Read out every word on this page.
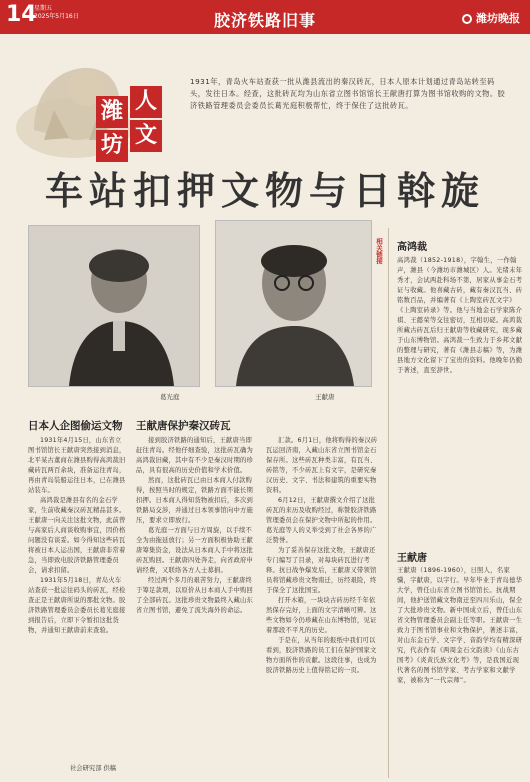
14
星期五
2025年5月16日	胶济铁路旧事	潍坊晚报
潍 人
坊 文
1931年，青岛火车站查获一批从潍县流出的秦汉砖瓦，日本人原本计划通过青岛站转至码头，发往日本。经查，这批砖瓦均为山东省立图书馆馆长王献唐打算为图书馆收购的文物。胶济铁路管理委员会委员长葛光庭积极帮忙，终于保住了这批砖瓦。
车站扣押文物与日斡旋
葛光庭	王献唐
相关链接 高鸿裁
高鸿裁（1852-1918），字翰生，一作翰声，潍县（今潍坊市潍城区）人。光绪末年秀才，会试两赴科场不第，居家从事金石考证与收藏。他喜藏古砖，藏有秦汉瓦当、砖铭数百品，并编著有《上陶室砖瓦文字》《上陶室砖录》等。他与当地金石学家陈介祺、王懿荣等交往密切，互相切磋。高鸿裁所藏古砖瓦后归王献唐等收藏研究，现多藏于山东博物馆。高鸿裁一生致力于乡邦文献的整理与研究，著有《潍县志稿》等，为潍县地方文化留下了宝贵的资料。他晚年仍勤于著述，直至辞世。
王献唐
王献唐（1896-1960），日照人，名家骥，字献唐，以字行。早年毕业于青岛德华大学，曾任山东省立图书馆馆长。抗战期间，他护送馆藏文物南迁至四川乐山，保全了大批珍贵文物。新中国成立后，曾任山东省文物管理委员会副主任等职。王献唐一生致力于图书馆事业和文物保护，著述丰富，对山东金石学、文字学、音韵学均有精深研究，代表作有《两周金石文韵读》《山东古国考》《炎黄氏族文化考》等，是我国近现代著名的图书馆学家、考古学家和文献学家，被称为“一代宗师”。
日本人企图偷运文物
1931年4月15日，山东省立图书馆馆长王献唐突然接到消息，北平某古董商在潍县购得高鸿裁旧藏砖瓦两百余块，准备运往青岛，再由青岛装船运往日本，已在潍县站装车。
高鸿裁是潍县有名的金石学家，生前收藏秦汉砖瓦精品甚多。王献唐一向关注这批文物，此前曾与高家后人商谈收购事宜，因价格问题没有谈妥。如今得知这些砖瓦将被日本人运出国，王献唐非常着急，当即致电胶济铁路管理委员会，请求扣留。
1931年5月18日，青岛火车站查获一批运往码头的砖瓦，经检查正是王献唐所说的那批文物。胶济铁路管理委员会委员长葛光庭接到报告后，立即下令暂扣这批货物，并通知王献唐前来查验。
社会研究部 供稿
王献唐保护秦汉砖瓦
接到胶济铁路的通知后，王献唐当即赶往青岛。经他仔细查验，这批砖瓦确为高鸿裁旧藏，其中有不少是秦汉时期的珍品，具有很高的历史价值和学术价值。
然而，这批砖瓦已由日本商人付款购得，按照当时的规定，铁路方面不能长期扣押。日本商人得知货物被扣后，多次到铁路局交涉，并通过日本领事馆向中方施压，要求立即放行。
葛光庭一方面与日方周旋，以手续不全为由拖延放行；另一方面积极协助王献唐筹集资金，设法从日本商人手中将这批砖瓦购回。王献唐四处奔走，向省政府申请经费，又联络各方人士募捐。
经过两个多月的艰苦努力，王献唐终于筹足款项，以原价从日本商人手中购回了全部砖瓦。这批珍贵文物最终入藏山东省立图书馆，避免了流失海外的命运。
汇款。6月1日，他将购得的秦汉砖瓦运回济南，入藏山东省立图书馆金石保存所。这些砖瓦种类丰富，有瓦当、砖铭等，不少砖瓦上有文字，是研究秦汉历史、文字、书法和建筑的重要实物资料。
6月12日，王献唐撰文介绍了这批砖瓦的来历及收购经过，称赞胶济铁路管理委员会在保护文物中所起的作用。葛光庭等人的义举受到了社会各界的广泛赞誉。
为了妥善保存这批文物，王献唐还专门编写了目录，对每块砖瓦进行考释。抗日战争爆发后，王献唐又带领馆员将馆藏珍贵文物南迁，历经艰险，终于保全了这批国宝。
打开木箱，一块块古砖历经千年依然保存完好，上面的文字清晰可辨。这些文物如今仍珍藏在山东博物馆，见证着那段不平凡的历史。
于是在，从当年的报纸中我们可以看到，胶济铁路的员工们在保护国家文物方面所作的贡献。这段往事，也成为胶济铁路历史上值得铭记的一页。
